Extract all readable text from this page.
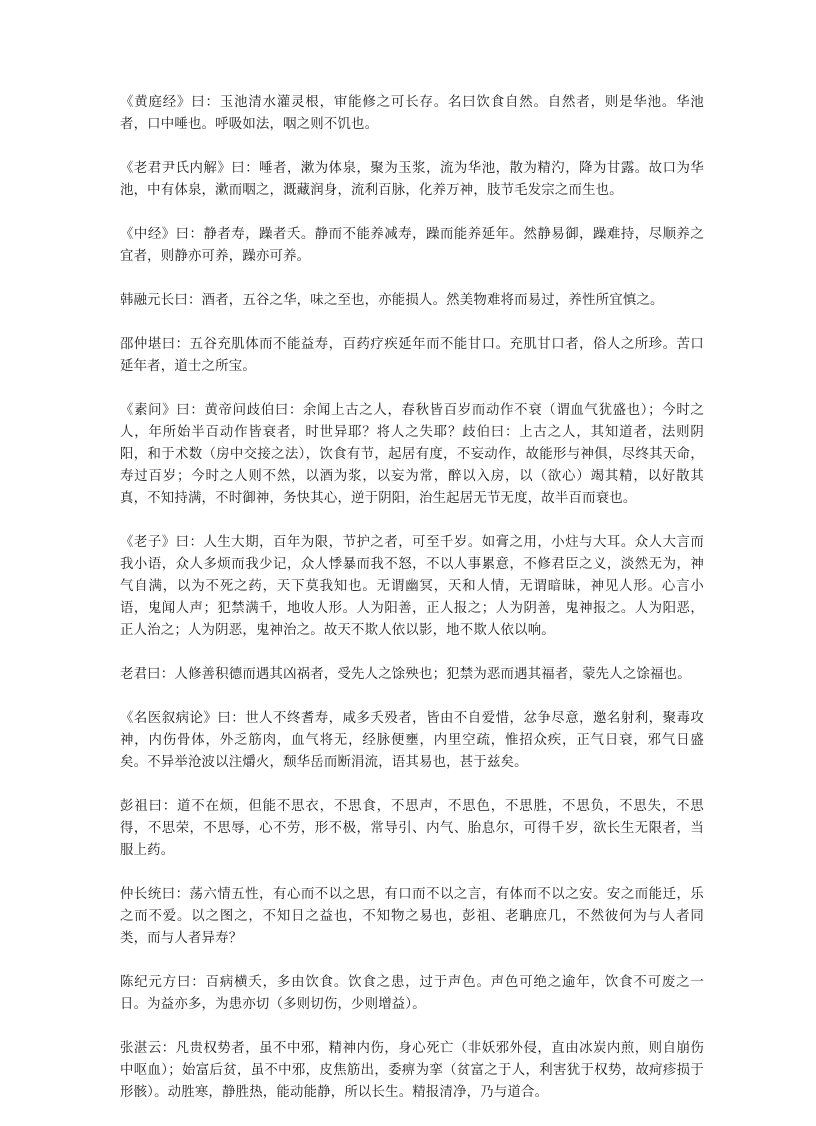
《黄庭经》曰：玉池清水灌灵根，审能修之可长存。名曰饮食自然。自然者，则是华池。华池者，口中唾也。呼吸如法，咽之则不饥也。

《老君尹氏内解》曰：唾者，漱为体泉，聚为玉浆，流为华池，散为精汋，降为甘露。故口为华池，中有体泉，漱而咽之，溉藏润身，流利百脉，化养万神，肢节毛发宗之而生也。

《中经》曰：静者寿，躁者夭。静而不能养减寿，躁而能养延年。然静易御，躁难持，尽顺养之宜者，则静亦可养，躁亦可养。

韩融元长曰：酒者，五谷之华，味之至也，亦能损人。然美物难将而易过，养性所宜慎之。

邵仲堪曰：五谷充肌体而不能益寿，百药疗疾延年而不能甘口。充肌甘口者，俗人之所珍。苦口延年者，道士之所宝。

《素问》曰：黄帝问歧伯曰：余闻上古之人，春秋皆百岁而动作不衰（谓血气犹盛也）；今时之人，年所始半百动作皆衰者，时世异耶？将人之失耶？歧伯曰：上古之人，其知道者，法则阴阳，和于术数（房中交接之法），饮食有节，起居有度，不妄动作，故能形与神俱，尽终其天命，寿过百岁；今时之人则不然，以酒为浆，以妄为常，醉以入房，以（欲心）竭其精，以好散其真，不知持满，不时御神，务快其心，逆于阴阳，治生起居无节无度，故半百而衰也。

《老子》曰：人生大期，百年为限，节护之者，可至千岁。如膏之用，小炷与大耳。众人大言而我小语，众人多烦而我少记，众人悸暴而我不怒，不以人事累意，不修君臣之义，淡然无为，神气自满，以为不死之药，天下莫我知也。无谓幽冥，天和人情，无谓暗昧，神见人形。心言小语，鬼闻人声；犯禁满千，地收人形。人为阳善，正人报之；人为阴善，鬼神报之。人为阳恶，正人治之；人为阴恶，鬼神治之。故天不欺人依以影，地不欺人依以响。

老君曰：人修善积德而遇其凶祸者，受先人之馀殃也；犯禁为恶而遇其福者，蒙先人之馀福也。

《名医叙病论》曰：世人不终耆寿，咸多夭殁者，皆由不自爱惜，忿争尽意，邀名射利，聚毒攻神，内伤骨体，外乏筋肉，血气将无，经脉便壅，内里空疏，惟招众疾，正气日衰，邪气日盛矣。不异举沧波以注爝火，颓华岳而断涓流，语其易也，甚于兹矣。

彭祖曰：道不在烦，但能不思衣，不思食，不思声，不思色，不思胜，不思负，不思失，不思得，不思荣，不思辱，心不劳，形不极，常导引、内气、胎息尔，可得千岁，欲长生无限者，当服上药。

仲长统曰：荡六情五性，有心而不以之思，有口而不以之言，有体而不以之安。安之而能迁，乐之而不爱。以之图之，不知日之益也，不知物之易也，彭祖、老聃庶几，不然彼何为与人者同类，而与人者异寿？

陈纪元方曰：百病横夭，多由饮食。饮食之患，过于声色。声色可绝之逾年，饮食不可废之一日。为益亦多，为患亦切（多则切伤，少则增益）。

张湛云：凡贵权势者，虽不中邪，精神内伤，身心死亡（非妖邪外侵，直由冰炭内煎，则自崩伤中呕血）；始富后贫，虽不中邪，皮焦筋出，委痹为挛（贫富之于人，利害犹于权势，故疴疹损于形骸）。动胜寒，静胜热，能动能静，所以长生。精报清净，乃与道合。
